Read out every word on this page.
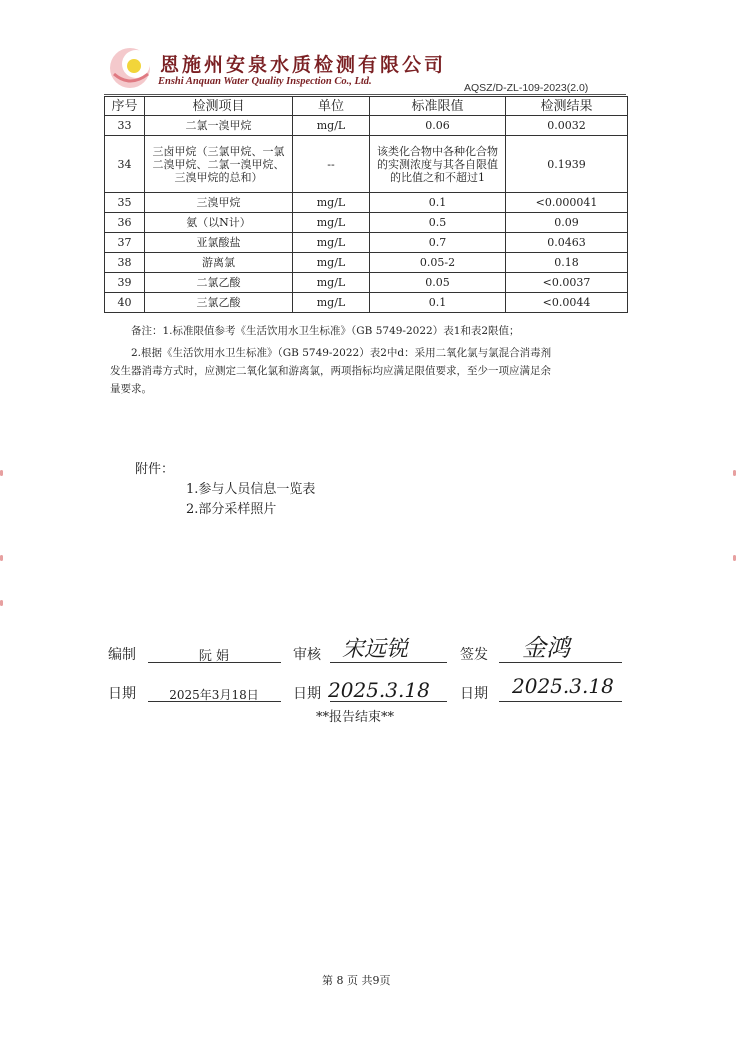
恩施州安泉水质检测有限公司
Enshi Anquan Water Quality Inspection Co., Ltd.
AQSZ/D-ZL-109-2023(2.0)
序号	检测项目	单位	标准限值	检测结果
33	二氯一溴甲烷	mg/L	0.06	0.0032
34	三卤甲烷（三氯甲烷、一氯二溴甲烷、二氯一溴甲烷、三溴甲烷的总和）	--	该类化合物中各种化合物的实测浓度与其各自限值的比值之和不超过1	0.1939
35	三溴甲烷	mg/L	0.1	<0.000041
36	氨（以N计）	mg/L	0.5	0.09
37	亚氯酸盐	mg/L	0.7	0.0463
38	游离氯	mg/L	0.05-2	0.18
39	二氯乙酸	mg/L	0.05	<0.0037
40	三氯乙酸	mg/L	0.1	<0.0044
备注：1.标准限值参考《生活饮用水卫生标准》（GB 5749-2022）表1和表2限值；
2.根据《生活饮用水卫生标准》（GB 5749-2022）表2中d：采用二氧化氯与氯混合消毒剂
发生器消毒方式时，应测定二氧化氯和游离氯，两项指标均应满足限值要求，至少一项应满足余
量要求。
附件：
1.参与人员信息一览表
2.部分采样照片
编制	阮 娟	审核 宋远锐	签发 金鸿
日期	2025年3月18日	日期 2025.3.18 日期 2025.3.18
**报告结束**
第 8 页 共9页
